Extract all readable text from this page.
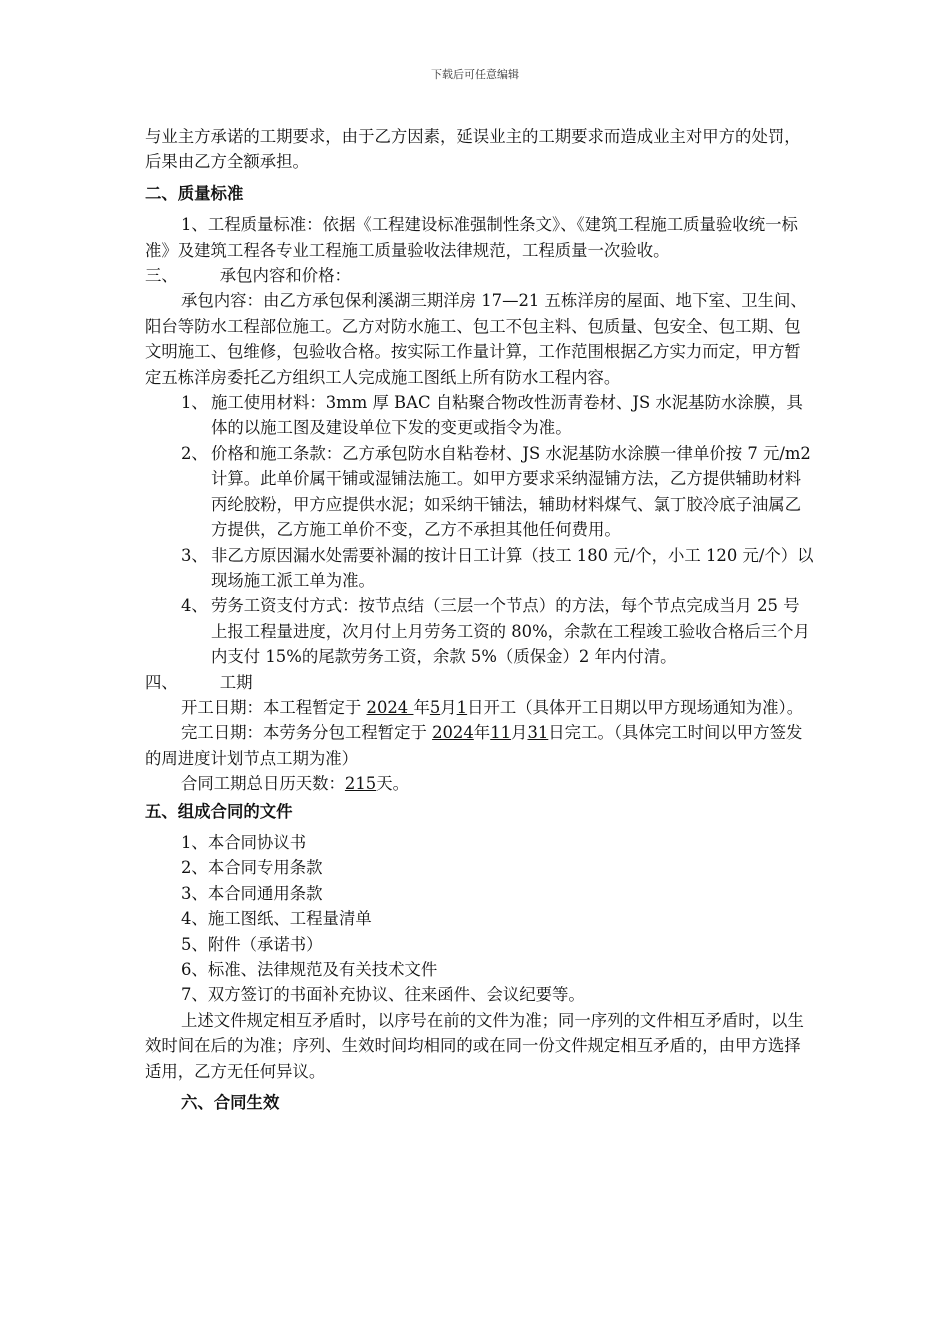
下载后可任意编辑

与业主方承诺的工期要求，由于乙方因素，延误业主的工期要求而造成业主对甲方的处罚，后果由乙方全额承担。

二、质量标准

1、工程质量标准：依据《工程建设标准强制性条文》、《建筑工程施工质量验收统一标准》及建筑工程各专业工程施工质量验收法律规范，工程质量一次验收。

三、	承包内容和价格：

承包内容：由乙方承包保利溪湖三期洋房 17—21 五栋洋房的屋面、地下室、卫生间、阳台等防水工程部位施工。乙方对防水施工、包工不包主料、包质量、包安全、包工期、包文明施工、包维修，包验收合格。按实际工作量计算，工作范围根据乙方实力而定，甲方暂定五栋洋房委托乙方组织工人完成施工图纸上所有防水工程内容。

1、 施工使用材料：3mm 厚 BAC 自粘聚合物改性沥青卷材、JS 水泥基防水涂膜，具体的以施工图及建设单位下发的变更或指令为准。
2、 价格和施工条款：乙方承包防水自粘卷材、JS 水泥基防水涂膜一律单价按 7 元/m2 计算。此单价属干铺或湿铺法施工。如甲方要求采纳湿铺方法，乙方提供辅助材料丙纶胶粉，甲方应提供水泥；如采纳干铺法，辅助材料煤气、氯丁胶冷底子油属乙方提供，乙方施工单价不变，乙方不承担其他任何费用。
3、 非乙方原因漏水处需要补漏的按计日工计算（技工 180 元/个，小工 120 元/个）以现场施工派工单为准。
4、 劳务工资支付方式：按节点结（三层一个节点）的方法，每个节点完成当月 25 号上报工程量进度，次月付上月劳务工资的 80%，余款在工程竣工验收合格后三个月内支付 15%的尾款劳务工资，余款 5%（质保金）2 年内付清。

四、	工期

开工日期：本工程暂定于 2024 年5月1日开工（具体开工日期以甲方现场通知为准）。

完工日期：本劳务分包工程暂定于 2024年11月31日完工。（具体完工时间以甲方签发的周进度计划节点工期为准）

合同工期总日历天数：215天。

五、组成合同的文件

1、本合同协议书

2、本合同专用条款

3、本合同通用条款

4、施工图纸、工程量清单

5、附件（承诺书）

6、标准、法律规范及有关技术文件

7、双方签订的书面补充协议、往来函件、会议纪要等。

上述文件规定相互矛盾时，以序号在前的文件为准；同一序列的文件相互矛盾时，以生效时间在后的为准；序列、生效时间均相同的或在同一份文件规定相互矛盾的，由甲方选择适用，乙方无任何异议。

六、合同生效
